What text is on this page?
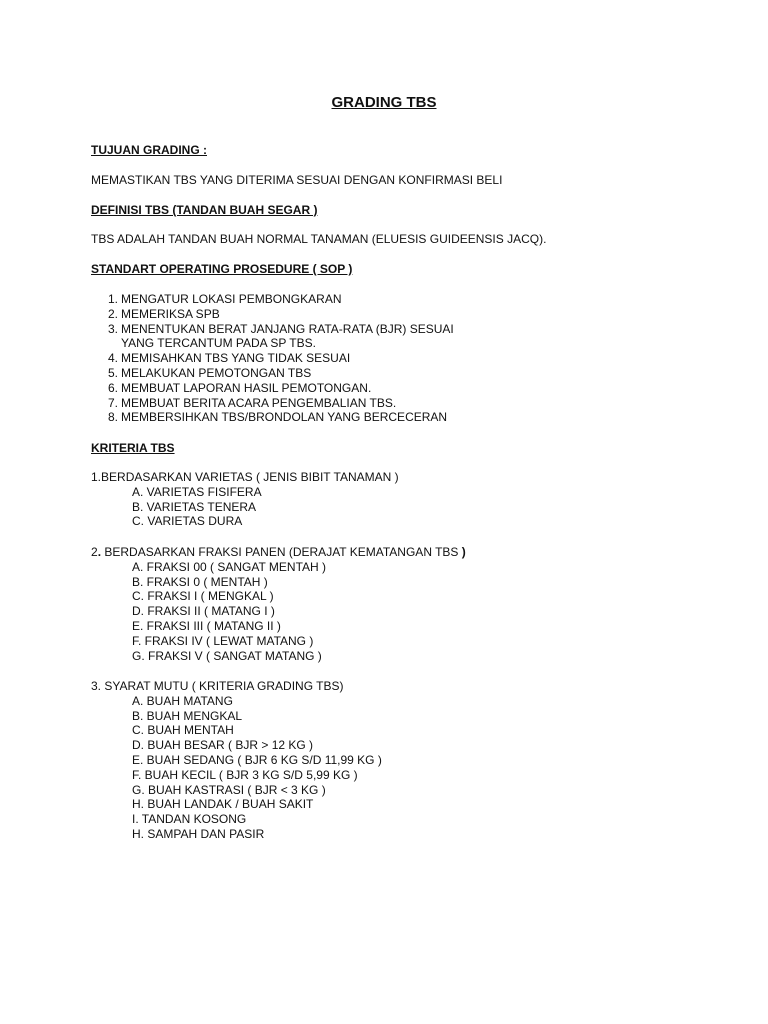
GRADING TBS
TUJUAN GRADING :
MEMASTIKAN TBS YANG DITERIMA SESUAI DENGAN KONFIRMASI BELI
DEFINISI TBS (TANDAN BUAH SEGAR )
TBS ADALAH TANDAN BUAH NORMAL TANAMAN (ELUESIS GUIDEENSIS JACQ).
STANDART OPERATING PROSEDURE ( SOP )
1. MENGATUR LOKASI PEMBONGKARAN
2. MEMERIKSA SPB
3. MENENTUKAN BERAT JANJANG RATA-RATA (BJR) SESUAI
YANG TERCANTUM PADA SP TBS.
4. MEMISAHKAN TBS YANG TIDAK SESUAI
5. MELAKUKAN PEMOTONGAN TBS
6. MEMBUAT LAPORAN HASIL PEMOTONGAN.
7. MEMBUAT BERITA ACARA PENGEMBALIAN TBS.
8. MEMBERSIHKAN TBS/BRONDOLAN YANG BERCECERAN
KRITERIA TBS
1.BERDASARKAN VARIETAS ( JENIS BIBIT TANAMAN )
A. VARIETAS FISIFERA
B. VARIETAS TENERA
C. VARIETAS DURA
2. BERDASARKAN FRAKSI PANEN (DERAJAT KEMATANGAN TBS )
A. FRAKSI 00 ( SANGAT MENTAH )
B. FRAKSI 0 ( MENTAH )
C. FRAKSI I ( MENGKAL )
D. FRAKSI II ( MATANG I )
E. FRAKSI III ( MATANG II )
F. FRAKSI IV ( LEWAT MATANG )
G. FRAKSI V ( SANGAT MATANG )
3. SYARAT MUTU ( KRITERIA GRADING TBS)
A. BUAH MATANG
B. BUAH MENGKAL
C. BUAH MENTAH
D. BUAH BESAR ( BJR > 12 KG )
E. BUAH SEDANG ( BJR 6 KG S/D 11,99 KG )
F. BUAH KECIL ( BJR 3 KG S/D 5,99 KG )
G. BUAH KASTRASI ( BJR < 3 KG )
H. BUAH LANDAK / BUAH SAKIT
I. TANDAN KOSONG
H. SAMPAH DAN PASIR
